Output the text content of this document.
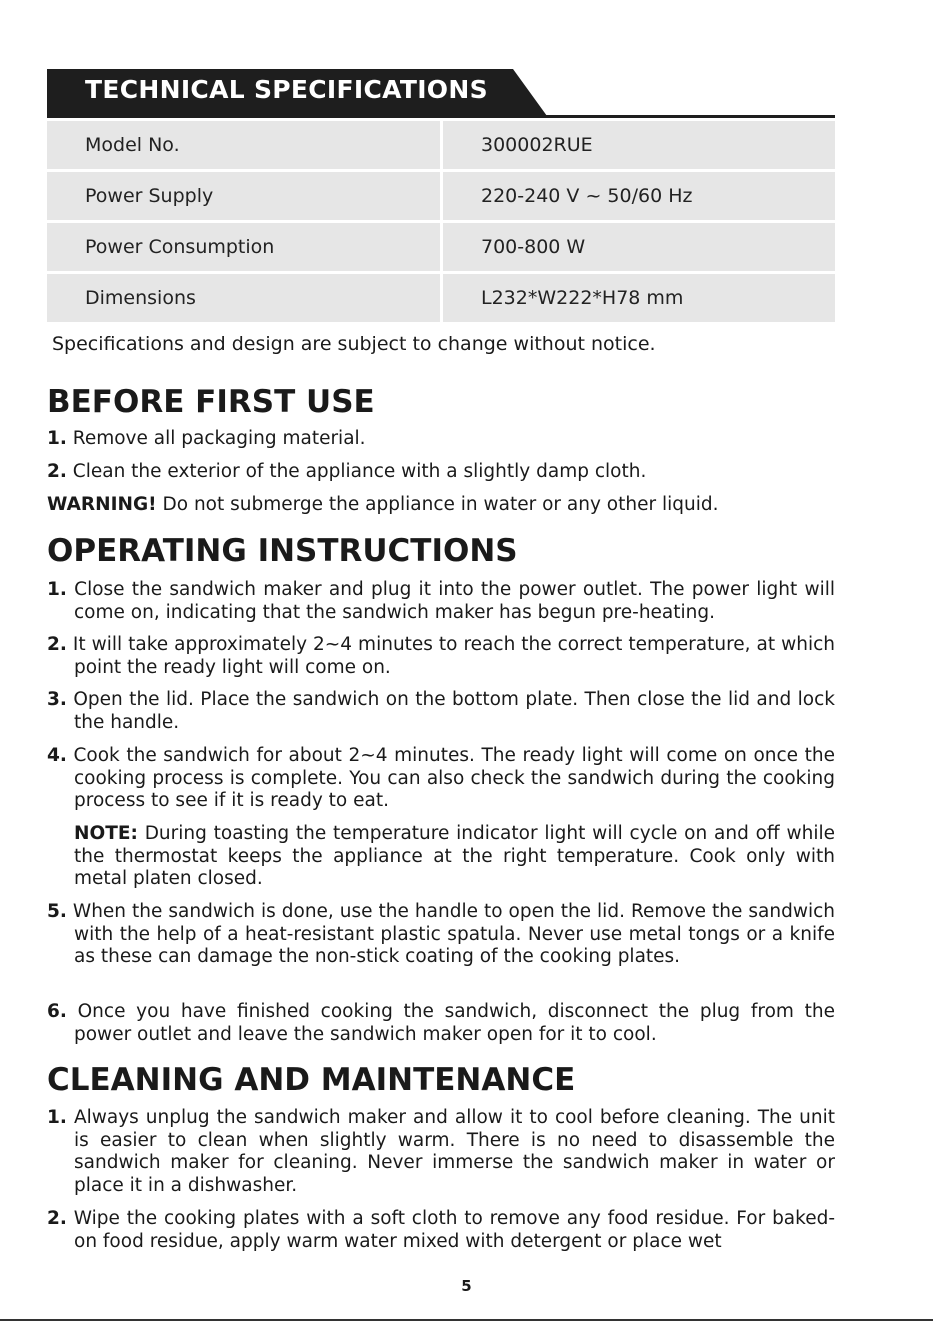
TECHNICAL SPECIFICATIONS
Model No.	300002RUE
Power Supply	220-240 V ~ 50/60 Hz
Power Consumption	700-800 W
Dimensions	L232*W222*H78 mm
Specifications and design are subject to change without notice.
BEFORE FIRST USE
1. Remove all packaging material.
2. Clean the exterior of the appliance with a slightly damp cloth.
WARNING! Do not submerge the appliance in water or any other liquid.
OPERATING INSTRUCTIONS
1. Close the sandwich maker and plug it into the power outlet. The power light will come on, indicating that the sandwich maker has begun pre-heating.
2. It will take approximately 2~4 minutes to reach the correct temperature, at which point the ready light will come on.
3. Open the lid. Place the sandwich on the bottom plate. Then close the lid and lock the handle.
4. Cook the sandwich for about 2~4 minutes. The ready light will come on once the cooking process is complete. You can also check the sandwich during the cooking process to see if it is ready to eat.
NOTE: During toasting the temperature indicator light will cycle on and off while the thermostat keeps the appliance at the right temperature. Cook only with metal platen closed.
5. When the sandwich is done, use the handle to open the lid. Remove the sandwich with the help of a heat-resistant plastic spatula. Never use metal tongs or a knife as these can damage the non-stick coating of the cooking plates.
6. Once you have finished cooking the sandwich, disconnect the plug from the power outlet and leave the sandwich maker open for it to cool.
CLEANING AND MAINTENANCE
1. Always unplug the sandwich maker and allow it to cool before cleaning. The unit is easier to clean when slightly warm. There is no need to disassemble the sandwich maker for cleaning. Never immerse the sandwich maker in water or place it in a dishwasher.
2. Wipe the cooking plates with a soft cloth to remove any food residue. For baked-on food residue, apply warm water mixed with detergent or place wet
5
